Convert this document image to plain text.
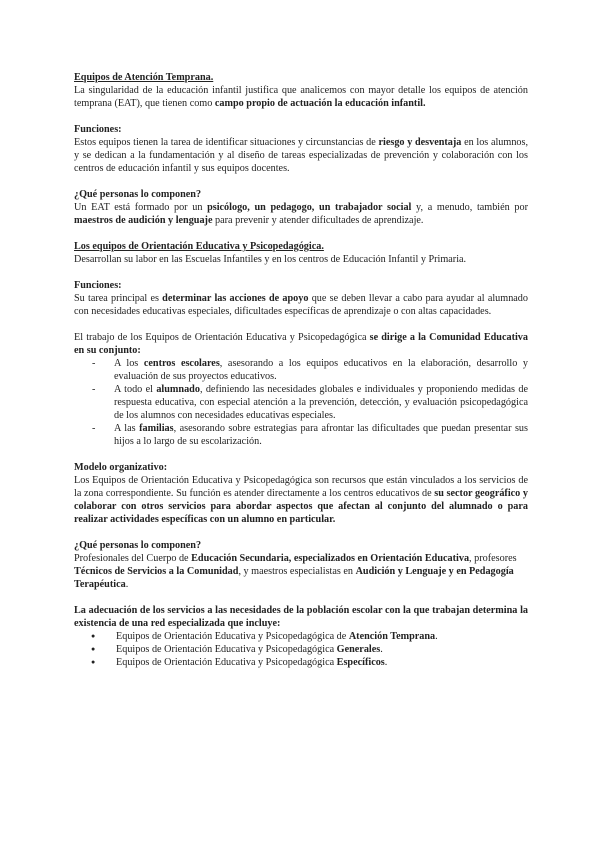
Equipos de Atención Temprana.

La singularidad de la educación infantil justifica que analicemos con mayor detalle los equipos de atención temprana (EAT), que tienen como campo propio de actuación la educación infantil.

Funciones:

Estos equipos tienen la tarea de identificar situaciones y circunstancias de riesgo y desventaja en los alumnos, y se dedican a la fundamentación y al diseño de tareas especializadas de prevención y colaboración con los centros de educación infantil y sus equipos docentes.

¿Qué personas lo componen?

Un EAT está formado por un psicólogo, un pedagogo, un trabajador social y, a menudo, también por maestros de audición y lenguaje para prevenir y atender dificultades de aprendizaje.

Los equipos de Orientación Educativa y Psicopedagógica.

Desarrollan su labor en las Escuelas Infantiles y en los centros de Educación Infantil y Primaria.

Funciones:

Su tarea principal es determinar las acciones de apoyo que se deben llevar a cabo para ayudar al alumnado con necesidades educativas especiales, dificultades específicas de aprendizaje o con altas capacidades.

El trabajo de los Equipos de Orientación Educativa y Psicopedagógica se dirige a la Comunidad Educativa en su conjunto:

- A los centros escolares, asesorando a los equipos educativos en la elaboración, desarrollo y evaluación de sus proyectos educativos.
- A todo el alumnado, definiendo las necesidades globales e individuales y proponiendo medidas de respuesta educativa, con especial atención a la prevención, detección, y evaluación psicopedagógica de los alumnos con necesidades educativas especiales.
- A las familias, asesorando sobre estrategias para afrontar las dificultades que puedan presentar sus hijos a lo largo de su escolarización.

Modelo organizativo:

Los Equipos de Orientación Educativa y Psicopedagógica son recursos que están vinculados a los servicios de la zona correspondiente. Su función es atender directamente a los centros educativos de su sector geográfico y colaborar con otros servicios para abordar aspectos que afectan al conjunto del alumnado o para realizar actividades específicas con un alumno en particular.

¿Qué personas lo componen?

Profesionales del Cuerpo de Educación Secundaria, especializados en Orientación Educativa, profesores Técnicos de Servicios a la Comunidad, y maestros especialistas en Audición y Lenguaje y en Pedagogía Terapéutica.

La adecuación de los servicios a las necesidades de la población escolar con la que trabajan determina la existencia de una red especializada que incluye:

● Equipos de Orientación Educativa y Psicopedagógica de Atención Temprana.
● Equipos de Orientación Educativa y Psicopedagógica Generales.
● Equipos de Orientación Educativa y Psicopedagógica Específicos.
